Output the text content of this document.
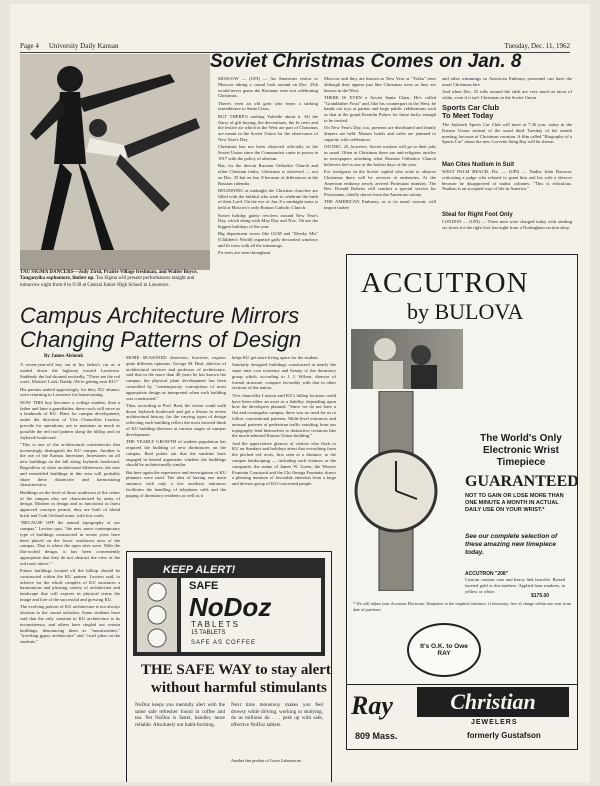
Page 4 University Daily Kansan	Tuesday, Dec. 11, 1962
TAU SIGMA DANCERS—Jody Zirul, Prairie Village freshman, and Walter Boyce, Tanganyika sophomore, limber up. Tau Sigma will present performances tonight and tomorrow night from 8 to 9:30 at Central Junior High School in Lawrence.
Soviet Christmas Comes on Jan. 8

MOSCOW — (UPI) — An American visitor to Moscow taking a casual look around on Dec. 25th would never guess the Russians were not celebrating Christmas.

There's even an old gent who bears a striking resemblance to Santa Claus.

BUT THERE'S nothing Yuletide about it. All the flurry of gift buying, the decorations, the fir trees and the festive air which in the West are part of Christmas are meant in the Soviet Union for the observance of New Year's Day.

Christmas has not been observed officially in the Soviet Union since the Communists came to power in 1917 with the policy of atheism.

But, for the devout Russian Orthodox Church and other Christian faiths, Christmas is observed — not on Dec. 25 but on Jan. 8 because of differences in the Russian calendar.

BEGINNING at midnight the Christian churches are filled with the faithful who wish to celebrate the birth of their Lord. On the eve of Jan. 8 a midnight mass is held at Moscow's only Roman Catholic Church.

Soviet holiday gaiety revolves around New Year's Day, which along with May Day and Nov. 7th are the biggest holidays of the year.

Big department stores like GUM and "Detsky Mir" (Children's World) organize gaily decorated windows and fir trees with all the trimmings.

Fir trees are seen throughout

Moscow and they are known as New Year or "Yolka" trees although they appear just like Christmas trees as they are known in the West.

THERE IS EVEN a Soviet Santa Claus. He's called "Grandfather Frost" and, like his counterpart in the West, he hands out toys at parties and large public celebrations such as that at the grand Kremlin Palace for those lucky enough to be invited.

On New Year's Day, too, presents are distributed and family dinners are held. Masses hotels and cafes are jammed to capacity with celebrators.

ON DEC. 25, however, Soviet workers will go to their jobs as usual. Often at Christmas there are anti-religious articles in newspapers attacking what Russian Orthodox Church believers feel is one of the holiest days of the year.

For foreigners in the Soviet capital who wish to observe Christmas there will be services at embassies. At the American embassy newly arrived Protestant minister, The Rev. Donald Roberts will conduct a special service for Protestants, chiefly drawn from the American colony.

THE AMERICAN Embassy, as is its usual custom, will import turkey

and other trimmings so American Embassy personnel can have the usual Christmas fare.

And when Dec. 25 rolls around the odds are very much in favor of white, even if it isn't Christmas in the Soviet Union.

Sports Car Club
To Meet Today
The Jayhawk Sports Car Club will meet at 7:30 p.m. today in the Kansas Union instead of the usual third Tuesday of the month meeting, because of Christmas vacation. A film called "Biography of a Sports Car" about the new Corvette Sting Ray will be shown.
Man Cites Nudism in Suit
WEST PALM BEACH, Fla. — (UPI) — Nudist John Dawson, criticizing a judge who refused to grant him and his wife a divorce because he disapproved of nudist colonies: "This is ridiculous. Nudism is an accepted way of life in America."
Steal for Right Foot Only
LONDON — (UPI) — Three men were charged today with stealing six shoes for the right foot last night from a Nottingham section shop.
Campus Architecture Mirrors
Changing Patterns of Design
By James Alshouk

A seven-year-old boy sat in his father's car as it rushed down the highway toward Lawrence. Suddenly the lad shouted excitedly, "There are the red roofs, Mother! Look, Daddy. We're getting near KU!"

His parents smiled approvingly, for they, KU alumni, were returning to Lawrence for homecoming.

NOW THIS boy becomes a college student, then a father and later a grandfather, these roofs will serve as a landmark of KU. Plans for campus development, under the direction of Vice Chancellor Lawton, provide for operations, are to maintain as much as possible the red roof pattern along the hilltop and on Jayhawk boulevard.

"This is one of the architectural consistencies that increasingly distinguish the KU campus. Another is the use of the Kansas limestone, limestones on all new buildings on the hill along Jayhawk boulevard. Regardless of other architectural differences, the new and remodeled buildings in this area will probably share these distinctive and harmonizing characteristics.

Buildings on the level of those southwest of the center of the campus also are characterized by unity of design. Modern in design and as functional as latest approved concepts permit, they are built of blond brick and Crab Orchard stone, with low roofs.

"BECAUSE OFF the natural topography of our campus," Lawton says, "the new, more contemporary type of buildings constructed in recent years have been placed on the lower southwest area of the campus. That is where the open sites were. With the flat-roofed design, it has been conveniently appropriate that they do not obstruct the view of the red roofs above."

Future buildings located off the hilltop should be constructed within the KU pattern. Lawton said, to achieve for the whole complex of KU structures a harmonious and pleasing variety of architecture and landscape that will express in physical terms the image and lore of the successful and growing KU.

The evolving pattern of KU architecture is not always obvious to the casual onlooker. Some students have said that the only constant in KU architecture is its inconsistency, and others have singled out certain buildings, denouncing them as "monstrosities," "traveling gypsy architecture" and "cruel jokes on the students."

MORE SEASONED observers, however, express quite different opinions. George M. Beal, director of architectural services and professor of architecture, said that in the more than 40 years he has known the campus, the physical plant development has been controlled by "contemporary conceptions of most appropriate design as interpreted when each building was constructed."

Thus, according to Prof. Beal, the visitor could walk down Jayhawk boulevard and get a lesson in recent architectural history, for the varying types of design reflecting each building reflect the most favored think of KU building directors at various stages of campus development.

THE YEARLY GROWTH of student population has required the building of new dormitories on the campus. Beal points out that the students have engaged in heated arguments whether the buildings should be architecturally similar.

But here again the experience and investigation of KU planners were used. The idea of having one main entrance with only a few auxiliary entrances facilitates the handling of telephone calls and the paging of dormitory residents as well as it

helps KU get more living space for the student.

Similarly designed buildings constructed at nearly the same time cost economy and beauty to the dormitory group which, according to J. J. Wilson, director of formal structure, compare favorably with that in other sections of the nation.

Vice chancellor Lawton said KU's hilltop location could have been either an asset or a liability, depending upon how the developers planned. "Since we do not have a flat and rectangular campus, there was no need for us to follow conventional patterns. Multi-level entrances and unusual patterns of pedestrian traffic resulting from our topography lend themselves to distinctive creations like the much-admired Kansas Union building."

And the appreciative glances of visitors who flock to KU on Sundays and holidays attest that everything from the pitched red roofs, first seen at a distance, to the campus landscaping — including such features as the campanile, the statue of James W. Green, the Weaver Fountain Courtyard and the Chi Omega Fountain, draws a pleasing measure of favorable attention from a large and diverse group of KU-concerned people.

KEEP ALERT!
SAFE
NoDoz
TABLETS
15 TABLETS
SAFE AS COFFEE
THE SAFE WAY to stay alert
without harmful stimulants
NoDoz keeps you mentally alert with the same safe refresher found in coffee and tea. Yet NoDoz is faster, handier, more reliable. Absolutely not habit-forming.
Next time monotony makes you feel drowsy while driving, working or studying, do as millions do . . . perk up with safe, effective NoDoz tablets.
Another fine product of Grove Laboratories.
ACCUTRON
by BULOVA
The World's Only
Electronic Wrist
Timepiece
GUARANTEED
NOT TO GAIN OR LOSE MORE THAN ONE MINUTE A MONTH IN ACTUAL DAILY USE ON YOUR WRIST.*
See our complete selection of these amazing new timepiece today.
ACCUTRON "208"
Custom contour case and heavy link bracelet. Raised faceted gold or dot markers. Applied hour markers, in yellow or white.
$175.00
* We will adjust your Accutron Electronic Timepiece to the required tolerance, if necessary, free of charge within one year from date of purchase.
It's O.K. to Owe RAY
Ray	Christian
JEWELERS
809 Mass.	formerly Gustafson
